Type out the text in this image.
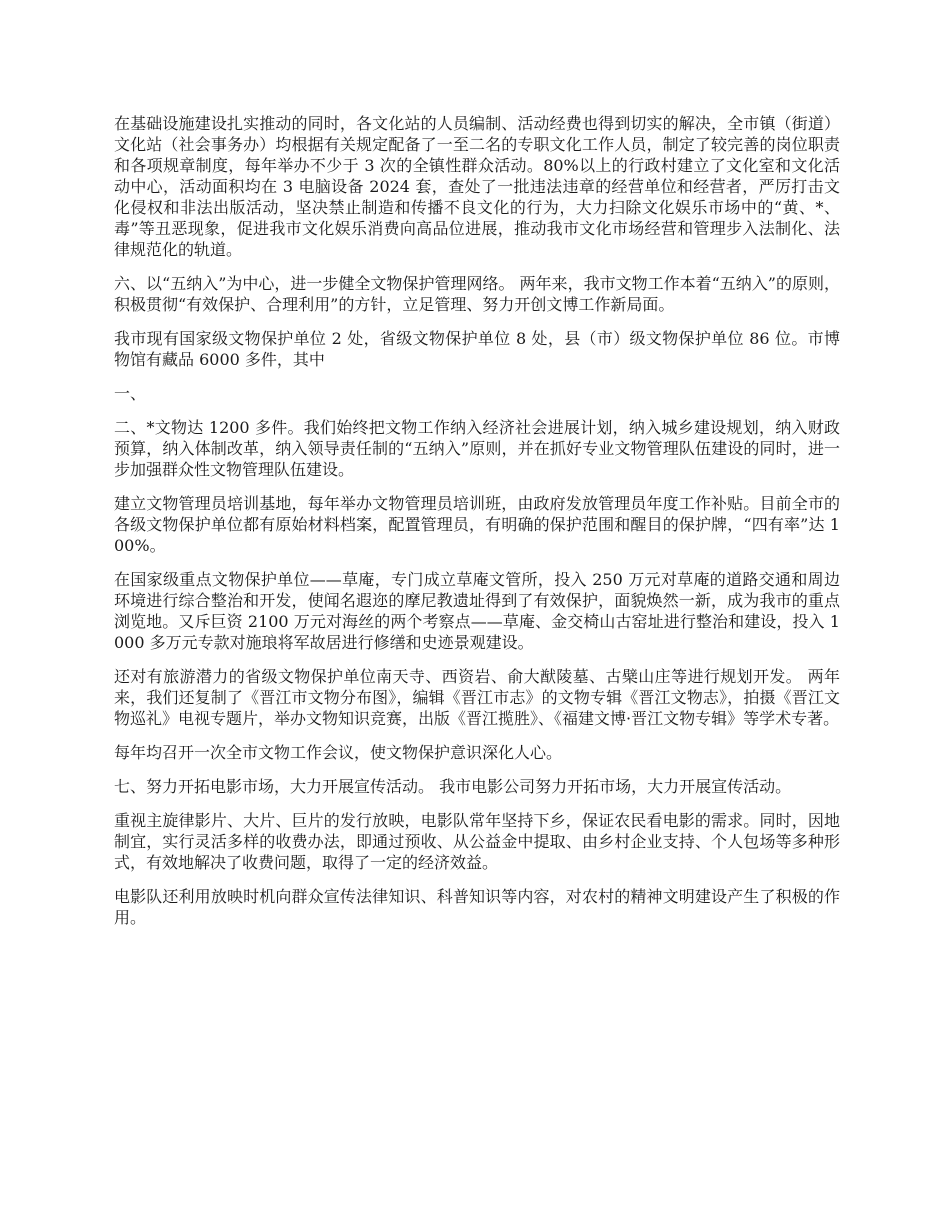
在基础设施建设扎实推动的同时，各文化站的人员编制、活动经费也得到切实的解决，全市镇（街道）文化站（社会事务办）均根据有关规定配备了一至二名的专职文化工作人员，制定了较完善的岗位职责和各项规章制度，每年举办不少于 3 次的全镇性群众活动。80%以上的行政村建立了文化室和文化活动中心，活动面积均在 3 电脑设备 2024 套，查处了一批违法违章的经营单位和经营者，严厉打击文化侵权和非法出版活动，坚决禁止制造和传播不良文化的行为，大力扫除文化娱乐市场中的“黄、*、毒”等丑恶现象，促进我市文化娱乐消费向高品位进展，推动我市文化市场经营和管理步入法制化、法律规范化的轨道。

六、以“五纳入”为中心，进一步健全文物保护管理网络。 两年来，我市文物工作本着“五纳入”的原则，积极贯彻“有效保护、合理利用”的方针，立足管理、努力开创文博工作新局面。

我市现有国家级文物保护单位 2 处，省级文物保护单位 8 处，县（市）级文物保护单位 86 位。市博物馆有藏品 6000 多件，其中

一、

二、*文物达 1200 多件。我们始终把文物工作纳入经济社会进展计划，纳入城乡建设规划，纳入财政预算，纳入体制改革，纳入领导责任制的“五纳入”原则，并在抓好专业文物管理队伍建设的同时，进一步加强群众性文物管理队伍建设。

建立文物管理员培训基地，每年举办文物管理员培训班，由政府发放管理员年度工作补贴。目前全市的各级文物保护单位都有原始材料档案，配置管理员，有明确的保护范围和醒目的保护牌，“四有率”达 100%。

在国家级重点文物保护单位——草庵，专门成立草庵文管所，投入 250 万元对草庵的道路交通和周边环境进行综合整治和开发，使闻名遐迩的摩尼教遗址得到了有效保护，面貌焕然一新，成为我市的重点浏览地。又斥巨资 2100 万元对海丝的两个考察点——草庵、金交椅山古窑址进行整治和建设，投入 1000 多万元专款对施琅将军故居进行修缮和史迹景观建设。

还对有旅游潜力的省级文物保护单位南天寺、西资岩、俞大猷陵墓、古檗山庄等进行规划开发。 两年来，我们还复制了《晋江市文物分布图》，编辑《晋江市志》的文物专辑《晋江文物志》，拍摄《晋江文物巡礼》电视专题片，举办文物知识竞赛，出版《晋江揽胜》、《福建文博·晋江文物专辑》等学术专著。

每年均召开一次全市文物工作会议，使文物保护意识深化人心。

七、努力开拓电影市场，大力开展宣传活动。 我市电影公司努力开拓市场，大力开展宣传活动。

重视主旋律影片、大片、巨片的发行放映，电影队常年坚持下乡，保证农民看电影的需求。同时，因地制宜，实行灵活多样的收费办法，即通过预收、从公益金中提取、由乡村企业支持、个人包场等多种形式，有效地解决了收费问题，取得了一定的经济效益。

电影队还利用放映时机向群众宣传法律知识、科普知识等内容，对农村的精神文明建设产生了积极的作用。
